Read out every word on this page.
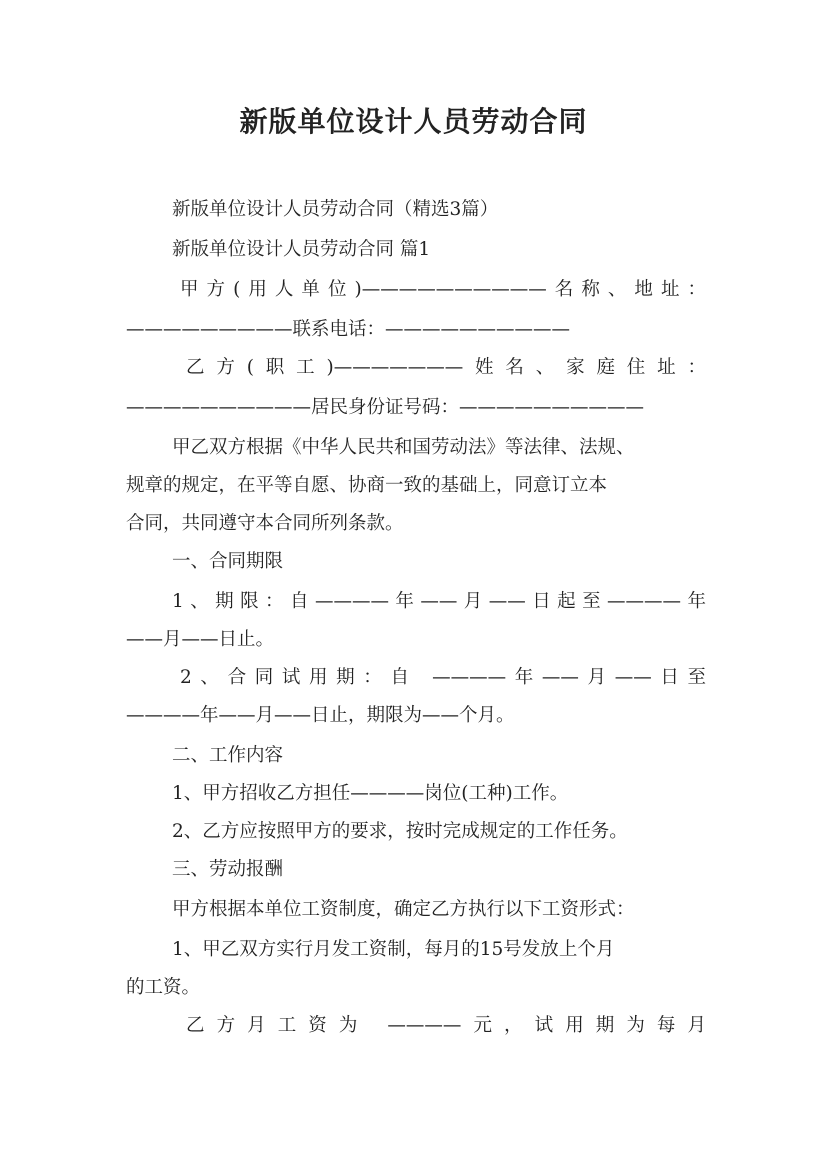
新版单位设计人员劳动合同
新版单位设计人员劳动合同（精选3篇）
新版单位设计人员劳动合同 篇1
甲方(用人单位)——————————名称、地址：
—————————联系电话：——————————
乙方(职工)———————姓名、家庭住址：
——————————居民身份证号码：——————————
甲乙双方根据《中华人民共和国劳动法》等法律、法规、
规章的规定，在平等自愿、协商一致的基础上，同意订立本
合同，共同遵守本合同所列条款。
一、合同期限
1、期限：自————年——月——日起至————年
——月——日止。
2、合同试用期：自 ————年——月——日至
————年——月——日止，期限为——个月。
二、工作内容
1、甲方招收乙方担任————岗位(工种)工作。
2、乙方应按照甲方的要求，按时完成规定的工作任务。
三、劳动报酬
甲方根据本单位工资制度，确定乙方执行以下工资形式：
1、甲乙双方实行月发工资制，每月的15号发放上个月
的工资。
乙方月工资为 ————元，试用期为每月
